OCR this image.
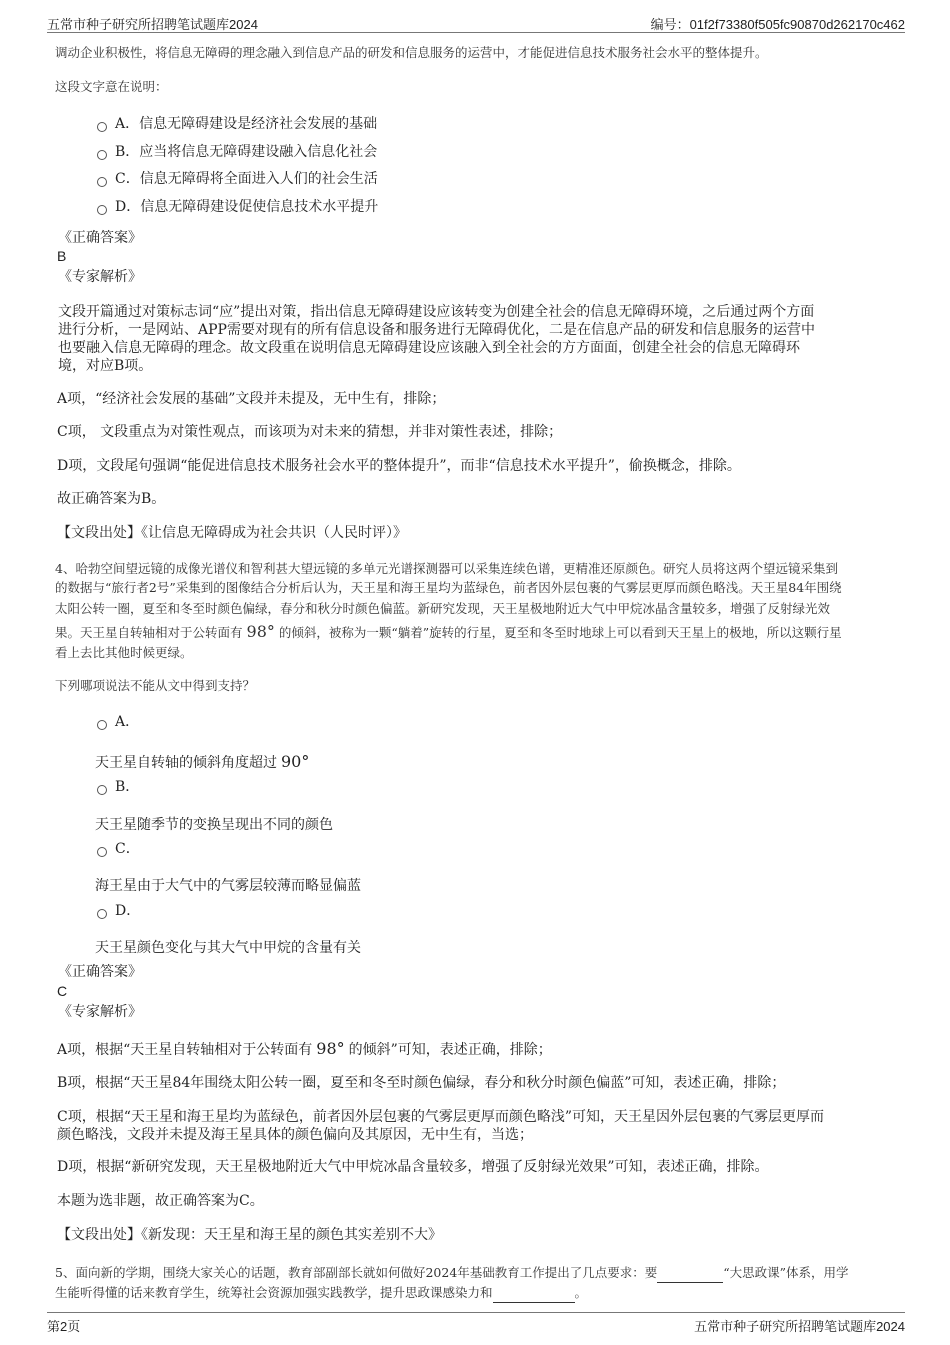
五常市种子研究所招聘笔试题库2024	编号：01f2f73380f505fc90870d262170c462

调动企业积极性，将信息无障碍的理念融入到信息产品的研发和信息服务的运营中，才能促进信息技术服务社会水平的整体提升。

这段文字意在说明：

A．信息无障碍建设是经济社会发展的基础
B．应当将信息无障碍建设融入信息化社会
C．信息无障碍将全面进入人们的社会生活
D．信息无障碍建设促使信息技术水平提升

《正确答案》

B

《专家解析》

文段开篇通过对策标志词“应”提出对策，指出信息无障碍建设应该转变为创建全社会的信息无障碍环境，之后通过两个方面

进行分析，一是网站、APP需要对现有的所有信息设备和服务进行无障碍优化，二是在信息产品的研发和信息服务的运营中

也要融入信息无障碍的理念。故文段重在说明信息无障碍建设应该融入到全社会的方方面面，创建全社会的信息无障碍环

境，对应B项。

A项，“经济社会发展的基础”文段并未提及，无中生有，排除；

C项， 文段重点为对策性观点，而该项为对未来的猜想，并非对策性表述，排除；

D项，文段尾句强调“能促进信息技术服务社会水平的整体提升”，而非“信息技术水平提升”，偷换概念，排除。

故正确答案为B。

【文段出处】《让信息无障碍成为社会共识（人民时评）》

4、哈勃空间望远镜的成像光谱仪和智利甚大望远镜的多单元光谱探测器可以采集连续色谱，更精准还原颜色。研究人员将这两个望远镜采集到

的数据与“旅行者2号”采集到的图像结合分析后认为，天王星和海王星均为蓝绿色，前者因外层包裹的气雾层更厚而颜色略浅。天王星84年围绕

太阳公转一圈，夏至和冬至时颜色偏绿，春分和秋分时颜色偏蓝。新研究发现，天王星极地附近大气中甲烷冰晶含量较多，增强了反射绿光效

果。天王星自转轴相对于公转面有 98° 的倾斜，被称为一颗“躺着”旋转的行星，夏至和冬至时地球上可以看到天王星上的极地，所以这颗行星

看上去比其他时候更绿。

下列哪项说法不能从文中得到支持？

A．

天王星自转轴的倾斜角度超过 90°

B．

天王星随季节的变换呈现出不同的颜色

C．

海王星由于大气中的气雾层较薄而略显偏蓝

D．

天王星颜色变化与其大气中甲烷的含量有关

《正确答案》

C

《专家解析》

A项，根据“天王星自转轴相对于公转面有 98° 的倾斜”可知，表述正确，排除；

B项，根据“天王星84年围绕太阳公转一圈，夏至和冬至时颜色偏绿，春分和秋分时颜色偏蓝”可知，表述正确，排除；

C项，根据“天王星和海王星均为蓝绿色，前者因外层包裹的气雾层更厚而颜色略浅”可知，天王星因外层包裹的气雾层更厚而

颜色略浅，文段并未提及海王星具体的颜色偏向及其原因，无中生有，当选；

D项，根据“新研究发现，天王星极地附近大气中甲烷冰晶含量较多，增强了反射绿光效果”可知，表述正确，排除。

本题为选非题，故正确答案为C。

【文段出处】《新发现：天王星和海王星的颜色其实差别不大》

5、面向新的学期，围绕大家关心的话题，教育部副部长就如何做好2024年基础教育工作提出了几点要求：要	“大思政课”体系，用学

生能听得懂的话来教育学生，统筹社会资源加强实践教学，提升思政课感染力和	。

第2页	五常市种子研究所招聘笔试题库2024
